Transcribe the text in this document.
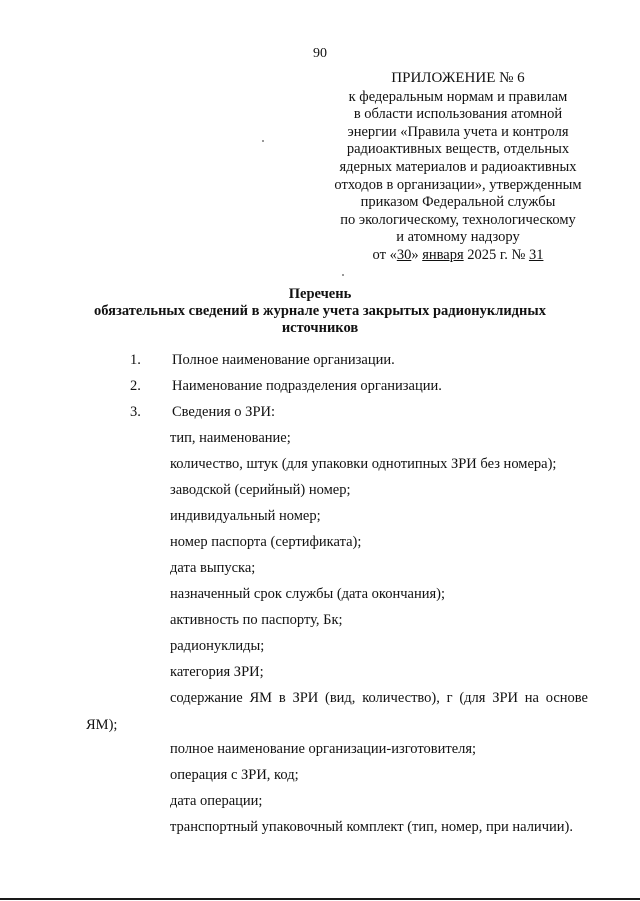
90
ПРИЛОЖЕНИЕ № 6
к федеральным нормам и правилам
в области использования атомной
энергии «Правила учета и контроля
радиоактивных веществ, отдельных
ядерных материалов и радиоактивных
отходов в организации», утвержденным
приказом Федеральной службы
по экологическому, технологическому
и атомному надзору
от «30» января 2025 г. № 31
Перечень
обязательных сведений в журнале учета закрытых радионуклидных
источников
1. Полное наименование организации.
2. Наименование подразделения организации.
3. Сведения о ЗРИ:
тип, наименование;
количество, штук (для упаковки однотипных ЗРИ без номера);
заводской (серийный) номер;
индивидуальный номер;
номер паспорта (сертификата);
дата выпуска;
назначенный срок службы (дата окончания);
активность по паспорту, Бк;
радионуклиды;
категория ЗРИ;
содержание ЯМ в ЗРИ (вид, количество), г (для ЗРИ на основе
ЯМ);
полное наименование организации-изготовителя;
операция с ЗРИ, код;
дата операции;
транспортный упаковочный комплект (тип, номер, при наличии).
